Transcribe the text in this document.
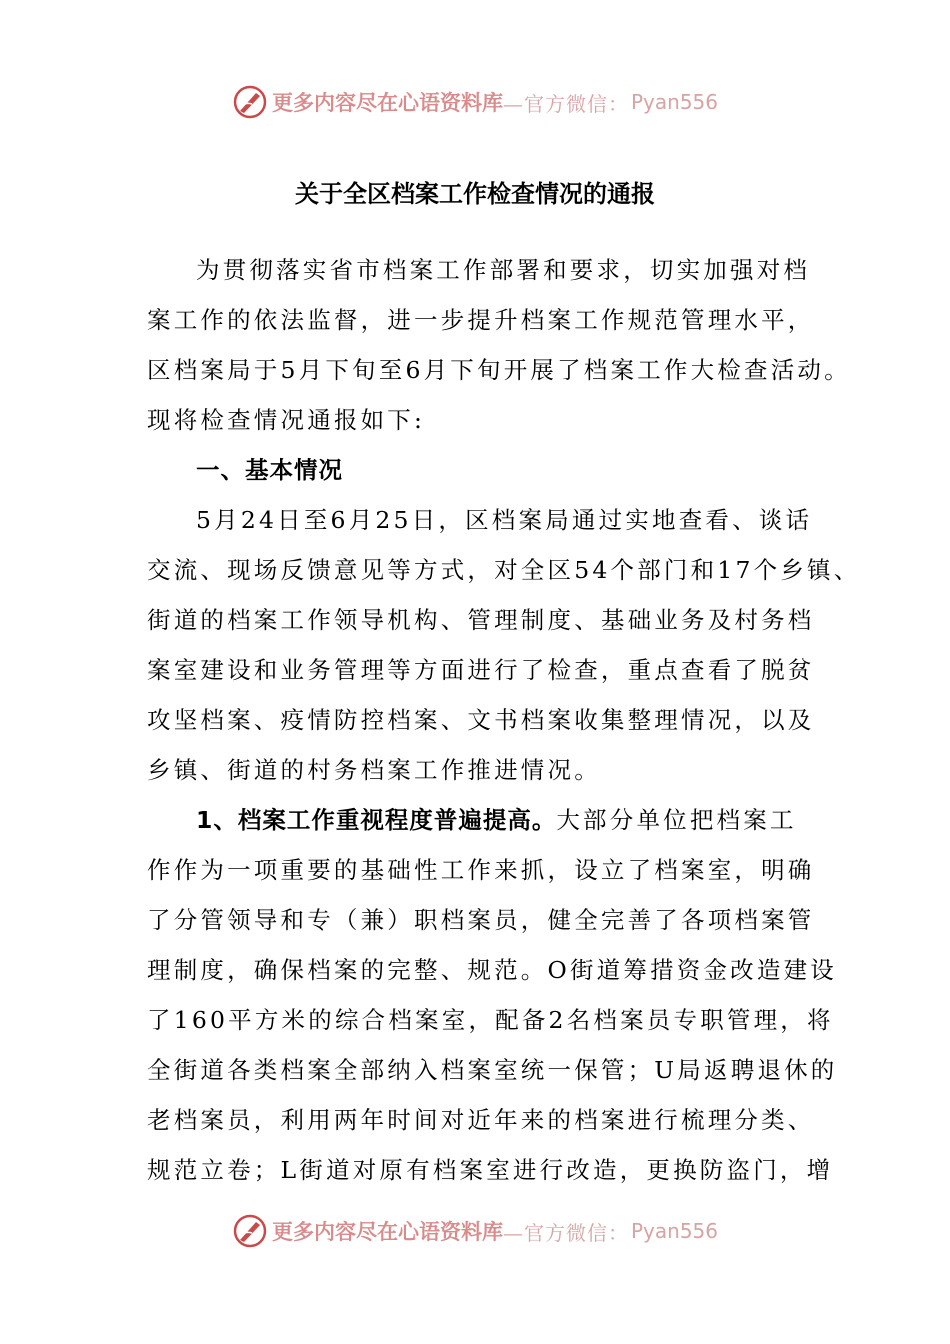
更多内容尽在心语资料库 —官方微信： Pyan556
关于全区档案工作检查情况的通报
为贯彻落实省市档案工作部署和要求，切实加强对档
案工作的依法监督，进一步提升档案工作规范管理水平，
区档案局于5月下旬至6月下旬开展了档案工作大检查活动。
现将检查情况通报如下:
一、基本情况
5月24日至6月25日，区档案局通过实地查看、谈话
交流、现场反馈意见等方式，对全区54个部门和17个乡镇、
街道的档案工作领导机构、管理制度、基础业务及村务档
案室建设和业务管理等方面进行了检查，重点查看了脱贫
攻坚档案、疫情防控档案、文书档案收集整理情况，以及
乡镇、街道的村务档案工作推进情况。
1、档案工作重视程度普遍提高。大部分单位把档案工
作作为一项重要的基础性工作来抓，设立了档案室，明确
了分管领导和专（兼）职档案员，健全完善了各项档案管
理制度，确保档案的完整、规范。O街道筹措资金改造建设
了160平方米的综合档案室，配备2名档案员专职管理，将
全街道各类档案全部纳入档案室统一保管；U局返聘退休的
老档案员，利用两年时间对近年来的档案进行梳理分类、
规范立卷；L街道对原有档案室进行改造，更换防盗门，增
更多内容尽在心语资料库 —官方微信： Pyan556
